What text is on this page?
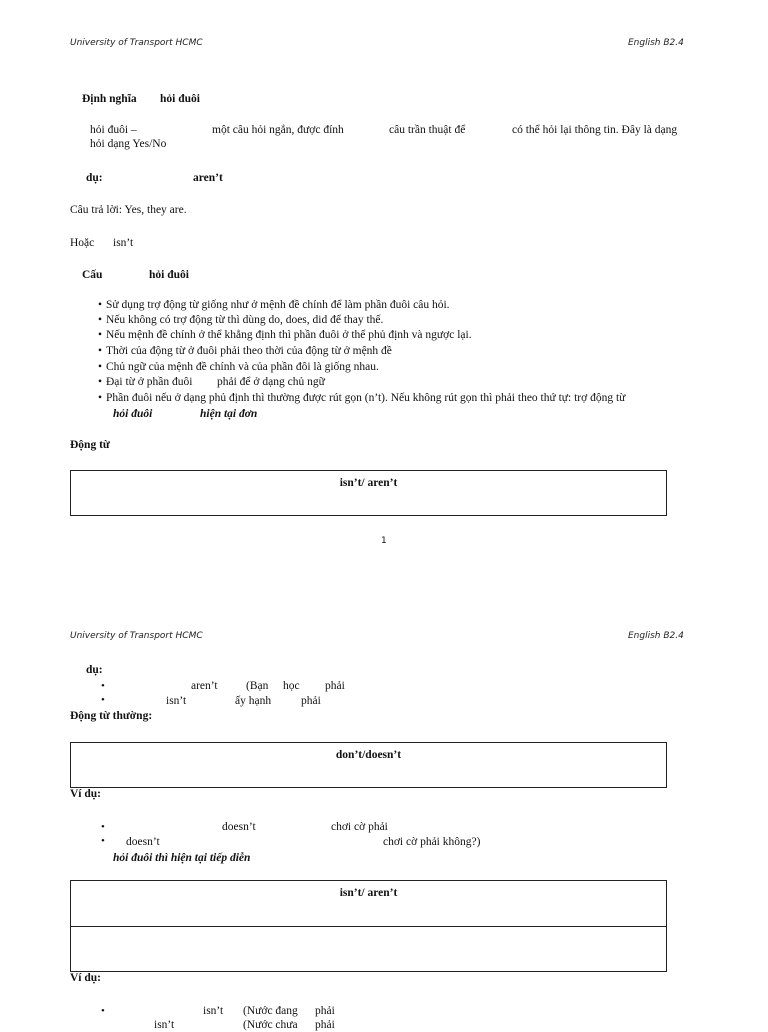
University of Transport HCMC	English B2.4
Định nghĩa hỏi đuôi
hỏi đuôi –	một câu hỏi ngắn, được đính	câu trần thuật để	có thể hỏi lại thông tin. Đây là dạng
hỏi dạng Yes/No
dụ:	aren’t
Câu trả lời: Yes, they are.
Hoặc isn’t
Cấu	hỏi đuôi
• Sử dụng trợ động từ giống như ở mệnh đề chính để làm phần đuôi câu hỏi.
• Nếu không có trợ động từ thì dùng do, does, did để thay thế.
• Nếu mệnh đề chính ở thể khẳng định thì phần đuôi ở thể phủ định và ngược lại.
• Thời của động từ ở đuôi phải theo thời của động từ ở mệnh đề
• Chủ ngữ của mệnh đề chính và của phần đôi là giống nhau.
• Đại từ ở phần đuôi phải để ở dạng chủ ngữ
• Phần đuôi nếu ở dạng phủ định thì thường được rút gọn (n’t). Nếu không rút gọn thì phải theo thứ tự: trợ động từ
hỏi đuôi	hiện tại đơn
Động từ
isn’t/ aren’t
1
University of Transport HCMC	English B2.4
dụ:
•	aren’t (Bạn học phải
•	isn’t	ấy hạnh	phải
Động từ thường:
don’t/doesn’t
Ví dụ:
•	doesn’t	chơi cờ phải
• doesn’t	chơi cờ phải không?)
hỏi đuôi thì hiện tại tiếp diễn
isn’t/ aren’t
Ví dụ:
•	isn’t (Nước đang phải
isn’t	(Nước chưa phải
